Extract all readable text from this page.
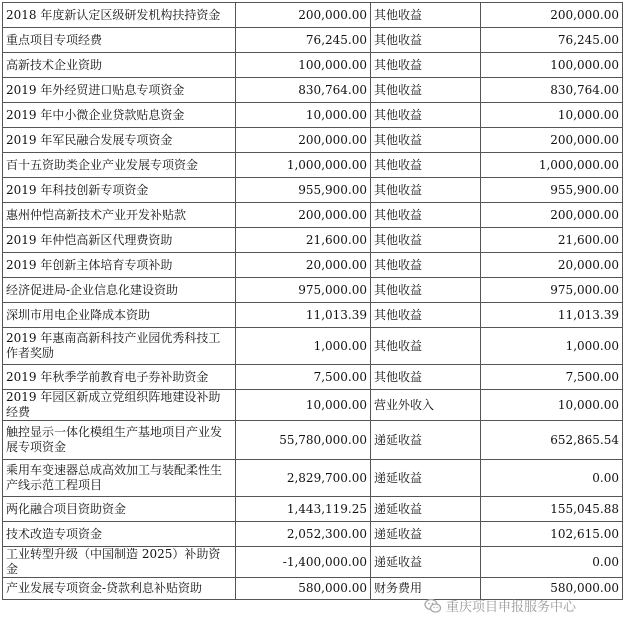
2018 年度新认定区级研发机构扶持资金	200,000.00	其他收益	200,000.00
重点项目专项经费	76,245.00	其他收益	76,245.00
高新技术企业资助	100,000.00	其他收益	100,000.00
2019 年外经贸进口贴息专项资金	830,764.00	其他收益	830,764.00
2019 年中小微企业贷款贴息资金	10,000.00	其他收益	10,000.00
2019 年军民融合发展专项资金	200,000.00	其他收益	200,000.00
百十五资助类企业产业发展专项资金	1,000,000.00	其他收益	1,000,000.00
2019 年科技创新专项资金	955,900.00	其他收益	955,900.00
惠州仲恺高新技术产业开发补贴款	200,000.00	其他收益	200,000.00
2019 年仲恺高新区代理费资助	21,600.00	其他收益	21,600.00
2019 年创新主体培育专项补助	20,000.00	其他收益	20,000.00
经济促进局-企业信息化建设资助	975,000.00	其他收益	975,000.00
深圳市用电企业降成本资助	11,013.39	其他收益	11,013.39
2019 年惠南高新科技产业园优秀科技工作者奖励	1,000.00	其他收益	1,000.00
2019 年秋季学前教育电子券补助资金	7,500.00	其他收益	7,500.00
2019 年园区新成立党组织阵地建设补助经费	10,000.00	营业外收入	10,000.00
触控显示一体化模组生产基地项目产业发展专项资金	55,780,000.00	递延收益	652,865.54
乘用车变速器总成高效加工与装配柔性生产线示范工程项目	2,829,700.00	递延收益	0.00
两化融合项目资助资金	1,443,119.25	递延收益	155,045.88
技术改造专项资金	2,052,300.00	递延收益	102,615.00
工业转型升级（中国制造 2025）补助资金	-1,400,000.00	递延收益	0.00
产业发展专项资金-贷款利息补贴资助	580,000.00	财务费用	580,000.00
重庆项目申报服务中心
